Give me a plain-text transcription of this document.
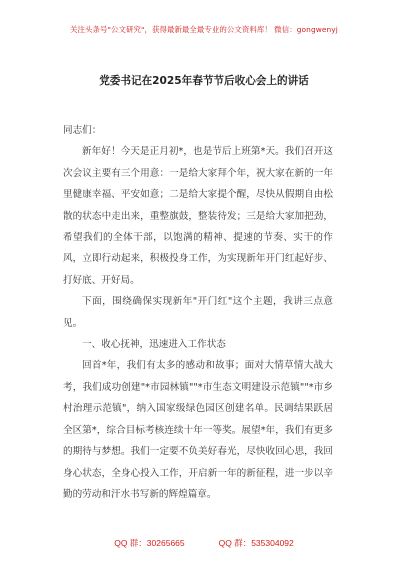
关注头条号"公文研究"，获得最新最全最专业的公文资料库！ 微信：gongwenyj
党委书记在2025年春节节后收心会上的讲话

同志们：

新年好！今天是正月初*，也是节后上班第*天。我们召开这次会议主要有三个用意：一是给大家拜个年，祝大家在新的一年里健康幸福、平安如意；二是给大家提个醒，尽快从假期自由松散的状态中走出来，重整旗鼓，整装待发；三是给大家加把劲，希望我们的全体干部，以饱满的精神、提速的节奏、实干的作风，立即行动起来，积极投身工作，为实现新年开门红起好步、打好底、开好局。

下面，围绕确保实现新年"开门红"这个主题，我讲三点意见。

一、收心抚神，迅速进入工作状态

回首*年，我们有太多的感动和故事；面对大情草情大战大考，我们成功创建"*市园林镇""*市生态文明建设示范镇""*市乡村治理示范镇"，纳入国家级绿色园区创建名单。民调结果跃居全区第*，综合目标考核连续十年一等奖。展望*年，我们有更多的期待与梦想。我们一定要不负美好春光，尽快收回心思，我回身心状态，全身心投入工作，开启新一年的新征程，进一步以辛勤的劳动和汗水书写新的辉煌篇章。

QQ 群：30265665	QQ 群：535304092
